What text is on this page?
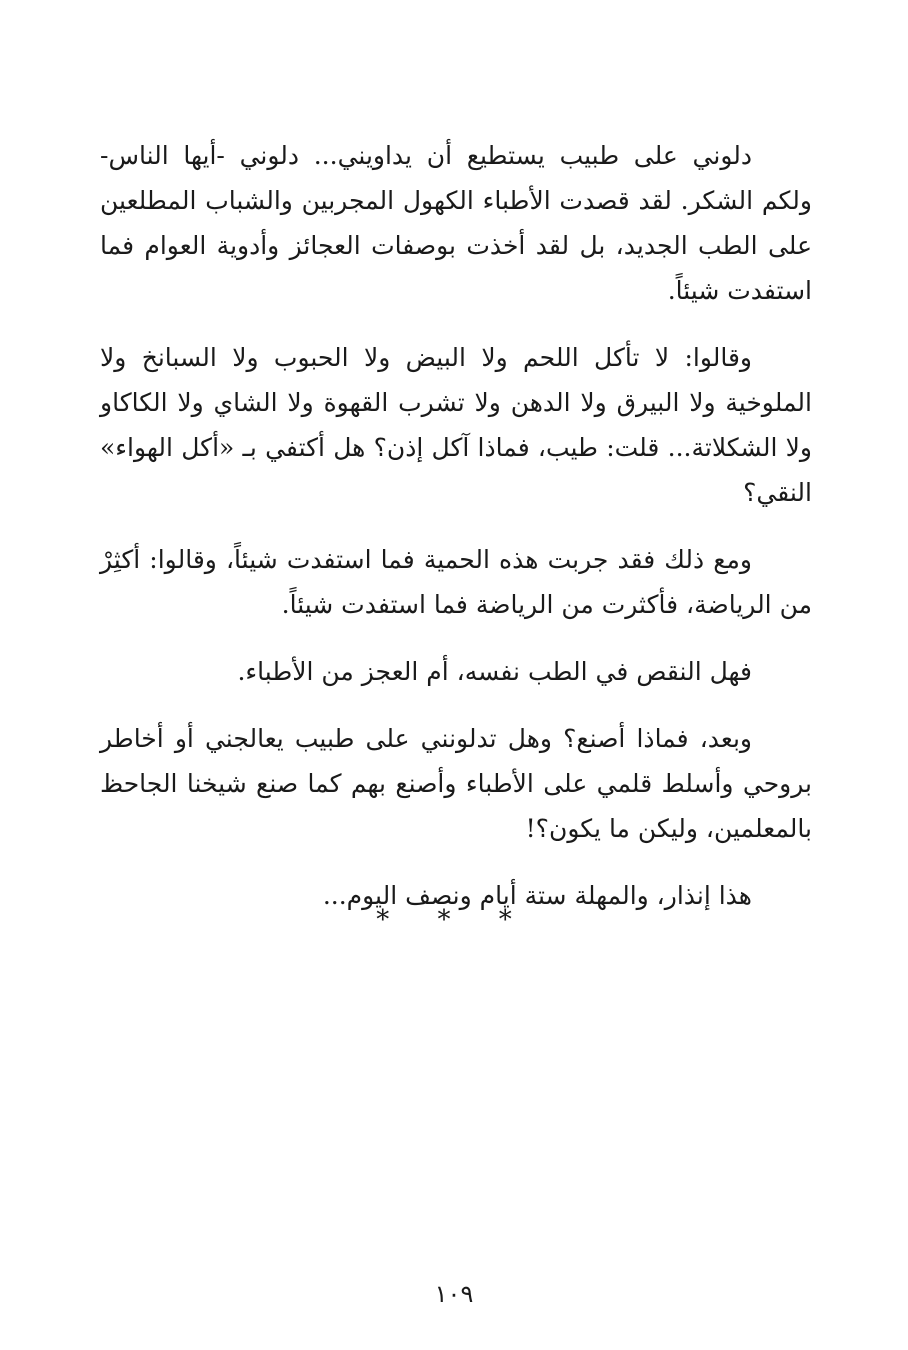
دلوني على طبيب يستطيع أن يداويني... دلوني -أيها الناس- ولكم الشكر. لقد قصدت الأطباء الكهول المجربين والشباب المطلعين على الطب الجديد، بل لقد أخذت بوصفات العجائز وأدوية العوام فما استفدت شيئاً.

وقالوا: لا تأكل اللحم ولا البيض ولا الحبوب ولا السبانخ ولا الملوخية ولا البيرق ولا الدهن ولا تشرب القهوة ولا الشاي ولا الكاكاو ولا الشكلاتة... قلت: طيب، فماذا آكل إذن؟ هل أكتفي بـ «أكل الهواء» النقي؟

ومع ذلك فقد جربت هذه الحمية فما استفدت شيئاً، وقالوا: أكثِرْ من الرياضة، فأكثرت من الرياضة فما استفدت شيئاً.

فهل النقص في الطب نفسه، أم العجز من الأطباء.

وبعد، فماذا أصنع؟ وهل تدلونني على طبيب يعالجني أو أخاطر بروحي وأسلط قلمي على الأطباء وأصنع بهم كما صنع شيخنا الجاحظ بالمعلمين، وليكن ما يكون؟!

هذا إنذار، والمهلة ستة أيام ونصف اليوم...

* * *
١٠٩
